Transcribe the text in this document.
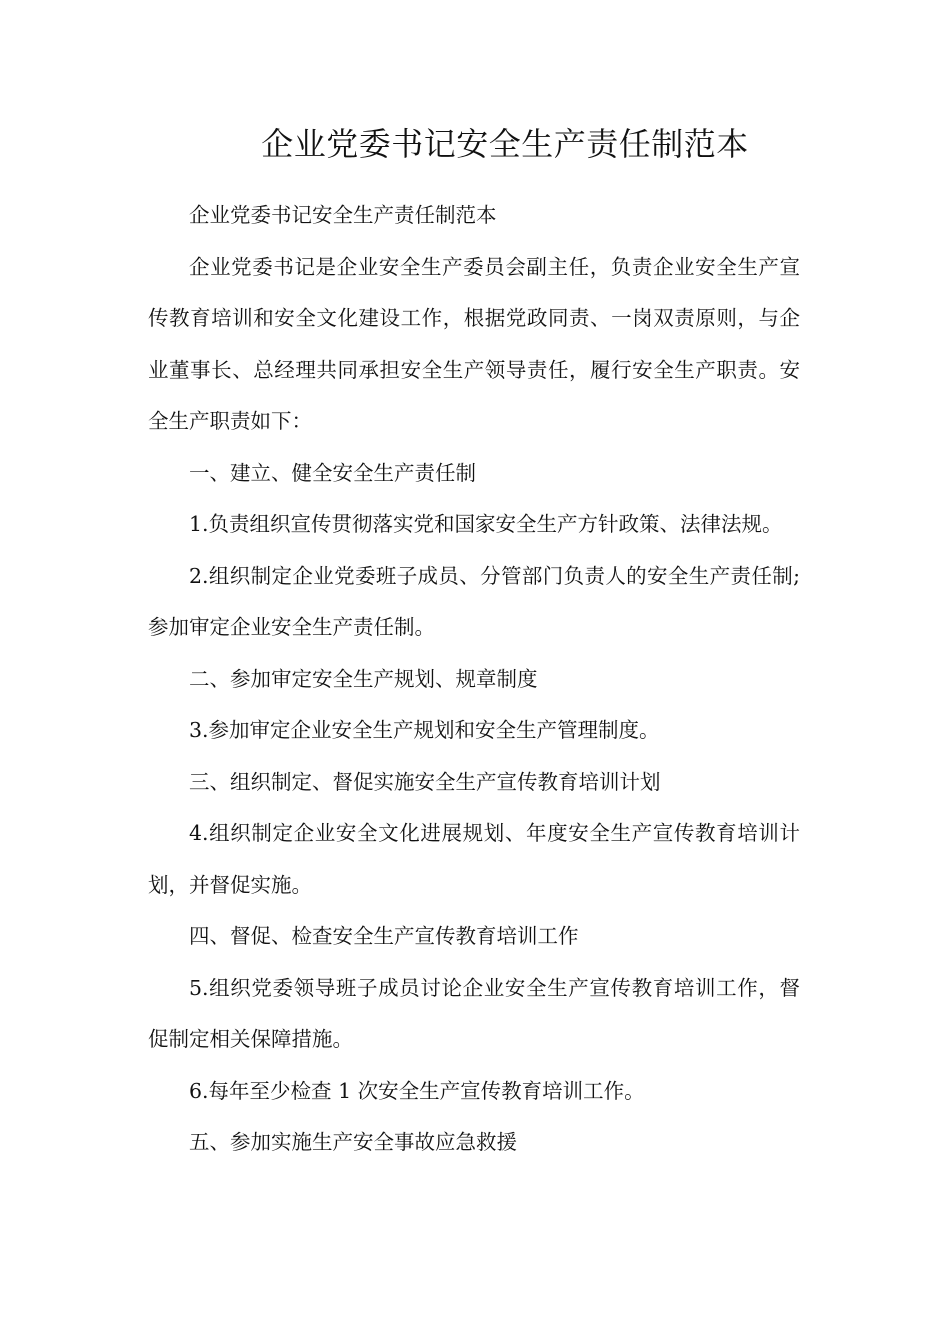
企业党委书记安全生产责任制范本

企业党委书记安全生产责任制范本

企业党委书记是企业安全生产委员会副主任，负责企业安全生产宣传教育培训和安全文化建设工作，根据党政同责、一岗双责原则，与企业董事长、总经理共同承担安全生产领导责任，履行安全生产职责。安全生产职责如下：

一、建立、健全安全生产责任制

1.负责组织宣传贯彻落实党和国家安全生产方针政策、法律法规。

2.组织制定企业党委班子成员、分管部门负责人的安全生产责任制;参加审定企业安全生产责任制。

二、参加审定安全生产规划、规章制度

3.参加审定企业安全生产规划和安全生产管理制度。

三、组织制定、督促实施安全生产宣传教育培训计划

4.组织制定企业安全文化进展规划、年度安全生产宣传教育培训计划，并督促实施。

四、督促、检查安全生产宣传教育培训工作

5.组织党委领导班子成员讨论企业安全生产宣传教育培训工作，督促制定相关保障措施。

6.每年至少检查 1 次安全生产宣传教育培训工作。

五、参加实施生产安全事故应急救援
